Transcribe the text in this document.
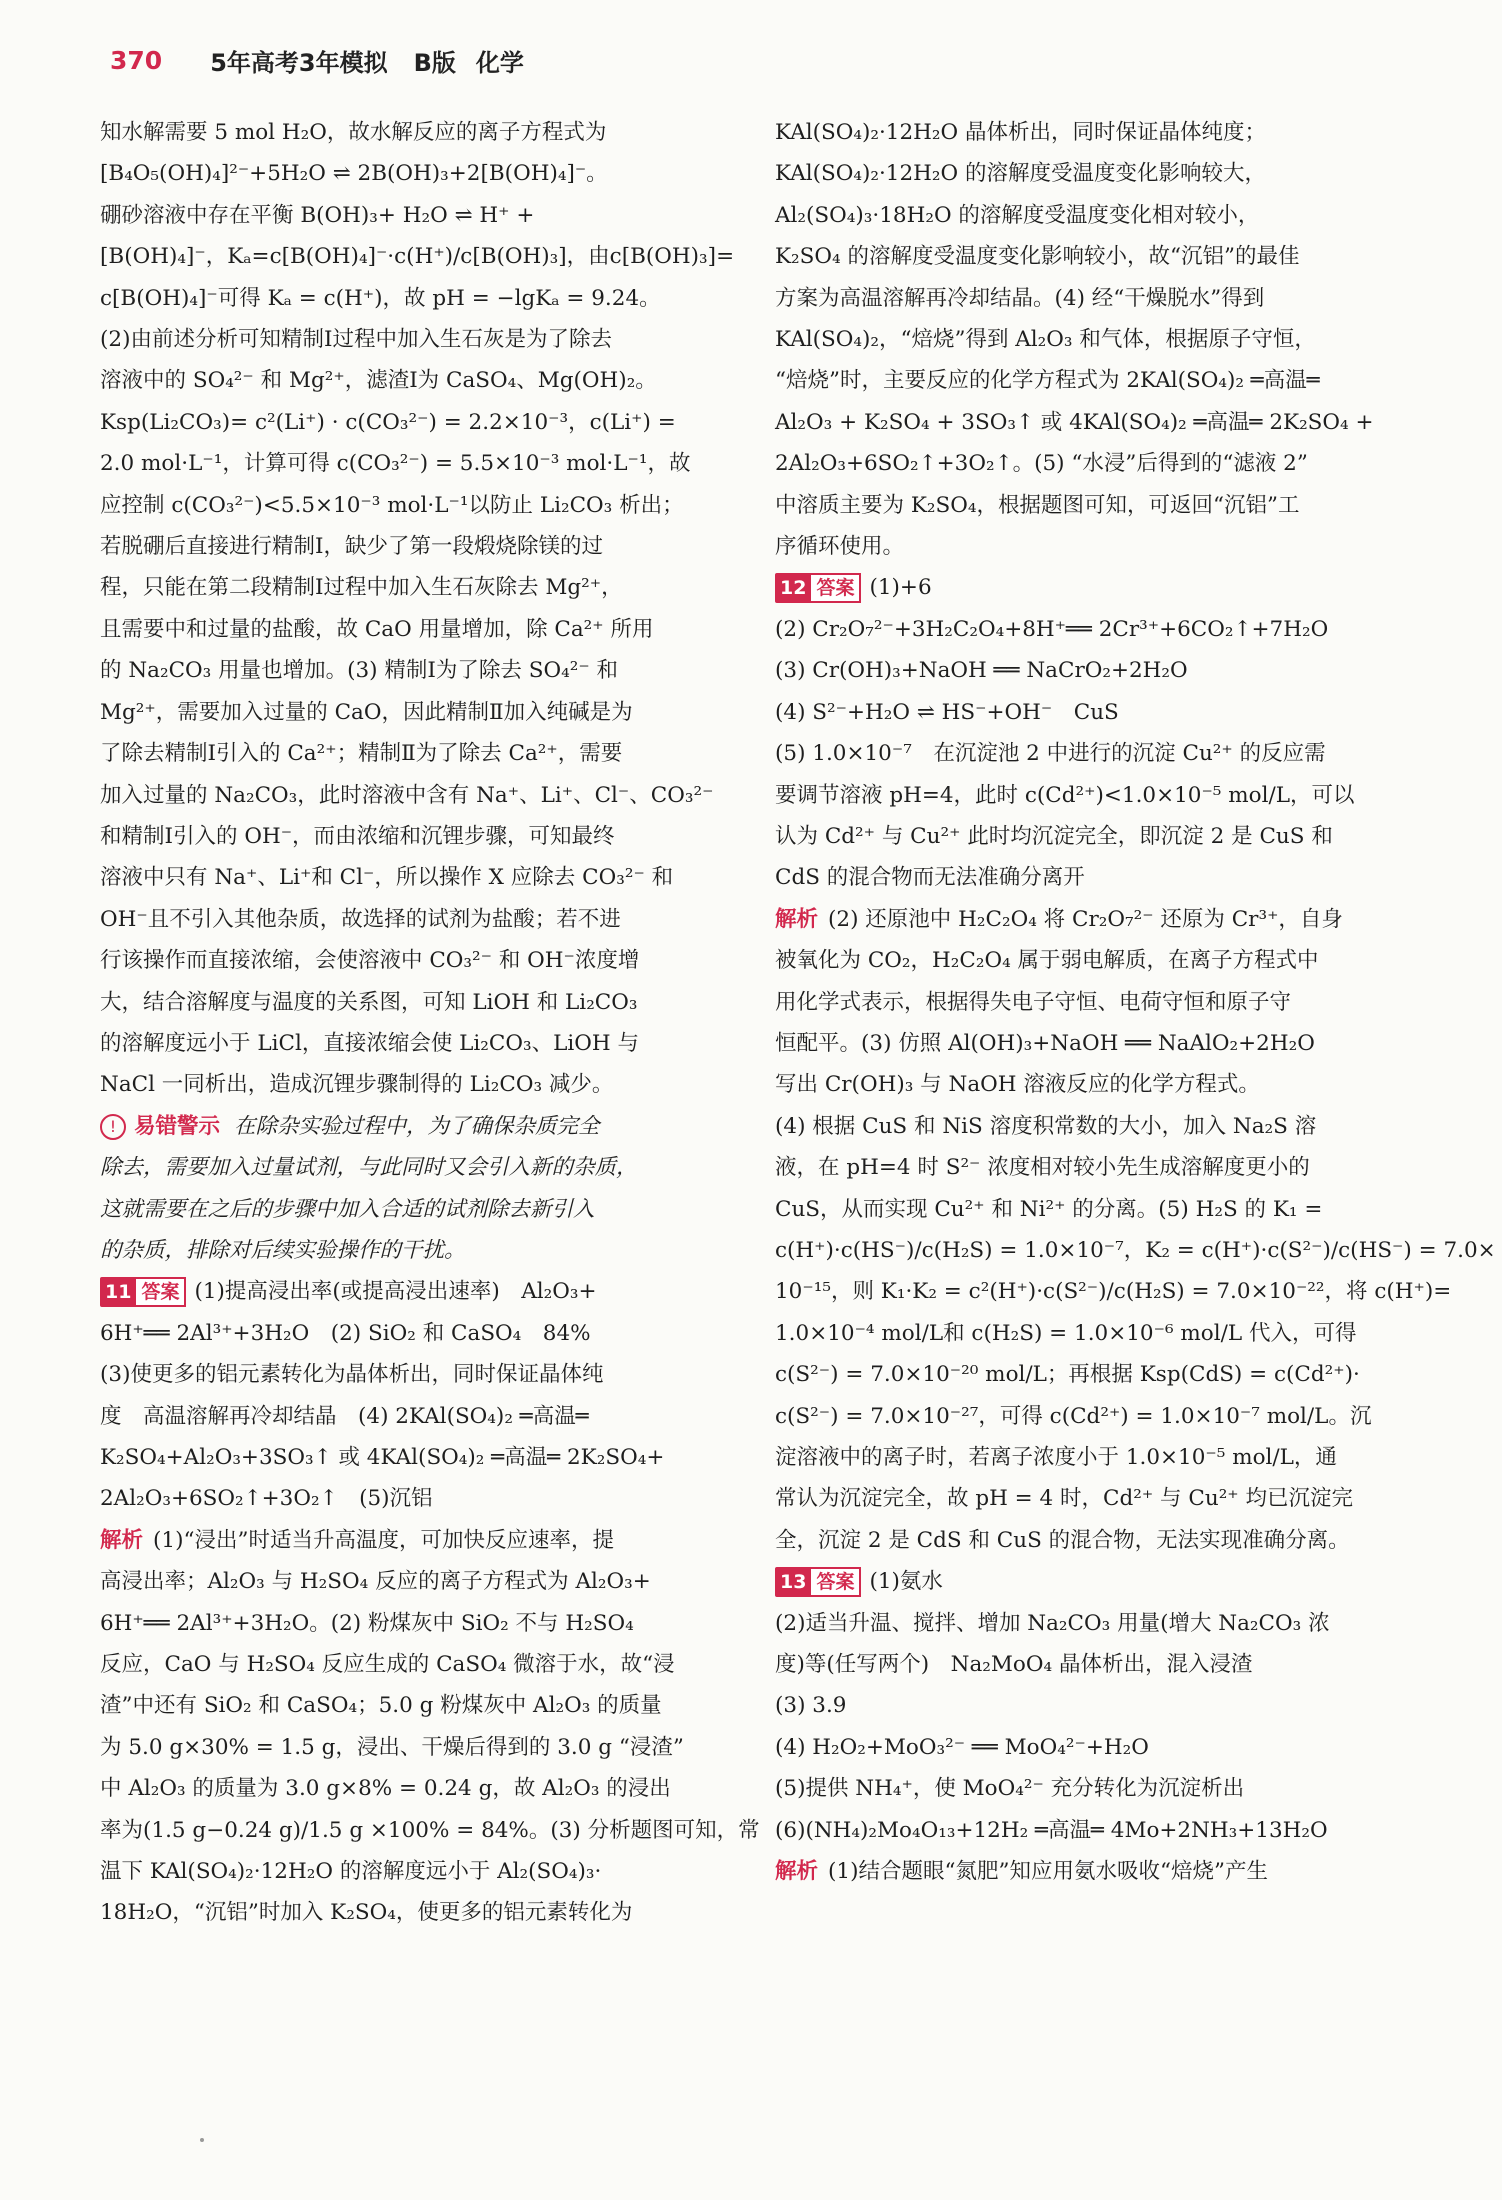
370 5年高考3年模拟 B版 化学
知水解需要 5 mol H₂O，故水解反应的离子方程式为
[B₄O₅(OH)₄]²⁻+5H₂O ⇌ 2B(OH)₃+2[B(OH)₄]⁻。
硼砂溶液中存在平衡 B(OH)₃+ H₂O ⇌ H⁺ +
[B(OH)₄]⁻，Kₐ=c[B(OH)₄]⁻·c(H⁺)/c[B(OH)₃]，由c[B(OH)₃]=
c[B(OH)₄]⁻可得 Kₐ = c(H⁺)，故 pH = −lgKₐ = 9.24。
(2)由前述分析可知精制Ⅰ过程中加入生石灰是为了除去
溶液中的 SO₄²⁻ 和 Mg²⁺，滤渣Ⅰ为 CaSO₄、Mg(OH)₂。
Ksp(Li₂CO₃)= c²(Li⁺) · c(CO₃²⁻) = 2.2×10⁻³，c(Li⁺) =
2.0 mol·L⁻¹，计算可得 c(CO₃²⁻) = 5.5×10⁻³ mol·L⁻¹，故
应控制 c(CO₃²⁻)<5.5×10⁻³ mol·L⁻¹以防止 Li₂CO₃ 析出；
若脱硼后直接进行精制Ⅰ，缺少了第一段煅烧除镁的过
程，只能在第二段精制Ⅰ过程中加入生石灰除去 Mg²⁺，
且需要中和过量的盐酸，故 CaO 用量增加，除 Ca²⁺ 所用
的 Na₂CO₃ 用量也增加。(3) 精制Ⅰ为了除去 SO₄²⁻ 和
Mg²⁺，需要加入过量的 CaO，因此精制Ⅱ加入纯碱是为
了除去精制Ⅰ引入的 Ca²⁺；精制Ⅱ为了除去 Ca²⁺，需要
加入过量的 Na₂CO₃，此时溶液中含有 Na⁺、Li⁺、Cl⁻、CO₃²⁻
和精制Ⅰ引入的 OH⁻，而由浓缩和沉锂步骤，可知最终
溶液中只有 Na⁺、Li⁺和 Cl⁻，所以操作 X 应除去 CO₃²⁻ 和
OH⁻且不引入其他杂质，故选择的试剂为盐酸；若不进
行该操作而直接浓缩，会使溶液中 CO₃²⁻ 和 OH⁻浓度增
大，结合溶解度与温度的关系图，可知 LiOH 和 Li₂CO₃
的溶解度远小于 LiCl，直接浓缩会使 Li₂CO₃、LiOH 与
NaCl 一同析出，造成沉锂步骤制得的 Li₂CO₃ 减少。
! 易错警示 在除杂实验过程中，为了确保杂质完全
除去，需要加入过量试剂，与此同时又会引入新的杂质，
这就需要在之后的步骤中加入合适的试剂除去新引入
的杂质，排除对后续实验操作的干扰。
11 答案 (1)提高浸出率(或提高浸出速率)　Al₂O₃+
6H⁺══ 2Al³⁺+3H₂O　(2) SiO₂ 和 CaSO₄　84%
(3)使更多的铝元素转化为晶体析出，同时保证晶体纯
度　高温溶解再冷却结晶　(4) 2KAl(SO₄)₂ ═高温═
K₂SO₄+Al₂O₃+3SO₃↑ 或 4KAl(SO₄)₂ ═高温═ 2K₂SO₄+
2Al₂O₃+6SO₂↑+3O₂↑　(5)沉铝
解析 (1)“浸出”时适当升高温度，可加快反应速率，提
高浸出率；Al₂O₃ 与 H₂SO₄ 反应的离子方程式为 Al₂O₃+
6H⁺══ 2Al³⁺+3H₂O。(2) 粉煤灰中 SiO₂ 不与 H₂SO₄
反应，CaO 与 H₂SO₄ 反应生成的 CaSO₄ 微溶于水，故“浸
渣”中还有 SiO₂ 和 CaSO₄；5.0 g 粉煤灰中 Al₂O₃ 的质量
为 5.0 g×30% = 1.5 g，浸出、干燥后得到的 3.0 g “浸渣”
中 Al₂O₃ 的质量为 3.0 g×8% = 0.24 g，故 Al₂O₃ 的浸出
率为(1.5 g−0.24 g)/1.5 g ×100% = 84%。(3) 分析题图可知，常
温下 KAl(SO₄)₂·12H₂O 的溶解度远小于 Al₂(SO₄)₃·
18H₂O，“沉铝”时加入 K₂SO₄，使更多的铝元素转化为
KAl(SO₄)₂·12H₂O 晶体析出，同时保证晶体纯度；
KAl(SO₄)₂·12H₂O 的溶解度受温度变化影响较大，
Al₂(SO₄)₃·18H₂O 的溶解度受温度变化相对较小，
K₂SO₄ 的溶解度受温度变化影响较小，故“沉铝”的最佳
方案为高温溶解再冷却结晶。(4) 经“干燥脱水”得到
KAl(SO₄)₂，“焙烧”得到 Al₂O₃ 和气体，根据原子守恒，
“焙烧”时，主要反应的化学方程式为 2KAl(SO₄)₂ ═高温═
Al₂O₃ + K₂SO₄ + 3SO₃↑ 或 4KAl(SO₄)₂ ═高温═ 2K₂SO₄ +
2Al₂O₃+6SO₂↑+3O₂↑。(5) “水浸”后得到的“滤液 2”
中溶质主要为 K₂SO₄，根据题图可知，可返回“沉铝”工
序循环使用。
12 答案 (1)+6
(2) Cr₂O₇²⁻+3H₂C₂O₄+8H⁺══ 2Cr³⁺+6CO₂↑+7H₂O
(3) Cr(OH)₃+NaOH ══ NaCrO₂+2H₂O
(4) S²⁻+H₂O ⇌ HS⁻+OH⁻　CuS
(5) 1.0×10⁻⁷　在沉淀池 2 中进行的沉淀 Cu²⁺ 的反应需
要调节溶液 pH=4，此时 c(Cd²⁺)<1.0×10⁻⁵ mol/L，可以
认为 Cd²⁺ 与 Cu²⁺ 此时均沉淀完全，即沉淀 2 是 CuS 和
CdS 的混合物而无法准确分离开
解析 (2) 还原池中 H₂C₂O₄ 将 Cr₂O₇²⁻ 还原为 Cr³⁺，自身
被氧化为 CO₂，H₂C₂O₄ 属于弱电解质，在离子方程式中
用化学式表示，根据得失电子守恒、电荷守恒和原子守
恒配平。(3) 仿照 Al(OH)₃+NaOH ══ NaAlO₂+2H₂O
写出 Cr(OH)₃ 与 NaOH 溶液反应的化学方程式。
(4) 根据 CuS 和 NiS 溶度积常数的大小，加入 Na₂S 溶
液，在 pH=4 时 S²⁻ 浓度相对较小先生成溶解度更小的
CuS，从而实现 Cu²⁺ 和 Ni²⁺ 的分离。(5) H₂S 的 K₁ =
c(H⁺)·c(HS⁻)/c(H₂S) = 1.0×10⁻⁷，K₂ = c(H⁺)·c(S²⁻)/c(HS⁻) = 7.0×
10⁻¹⁵，则 K₁·K₂ = c²(H⁺)·c(S²⁻)/c(H₂S) = 7.0×10⁻²²，将 c(H⁺)=
1.0×10⁻⁴ mol/L和 c(H₂S) = 1.0×10⁻⁶ mol/L 代入，可得
c(S²⁻) = 7.0×10⁻²⁰ mol/L；再根据 Ksp(CdS) = c(Cd²⁺)·
c(S²⁻) = 7.0×10⁻²⁷，可得 c(Cd²⁺) = 1.0×10⁻⁷ mol/L。沉
淀溶液中的离子时，若离子浓度小于 1.0×10⁻⁵ mol/L，通
常认为沉淀完全，故 pH = 4 时，Cd²⁺ 与 Cu²⁺ 均已沉淀完
全，沉淀 2 是 CdS 和 CuS 的混合物，无法实现准确分离。
13 答案 (1)氨水
(2)适当升温、搅拌、增加 Na₂CO₃ 用量(增大 Na₂CO₃ 浓
度)等(任写两个)　Na₂MoO₄ 晶体析出，混入浸渣
(3) 3.9
(4) H₂O₂+MoO₃²⁻ ══ MoO₄²⁻+H₂O
(5)提供 NH₄⁺，使 MoO₄²⁻ 充分转化为沉淀析出
(6)(NH₄)₂Mo₄O₁₃+12H₂ ═高温═ 4Mo+2NH₃+13H₂O
解析 (1)结合题眼“氮肥”知应用氨水吸收“焙烧”产生
